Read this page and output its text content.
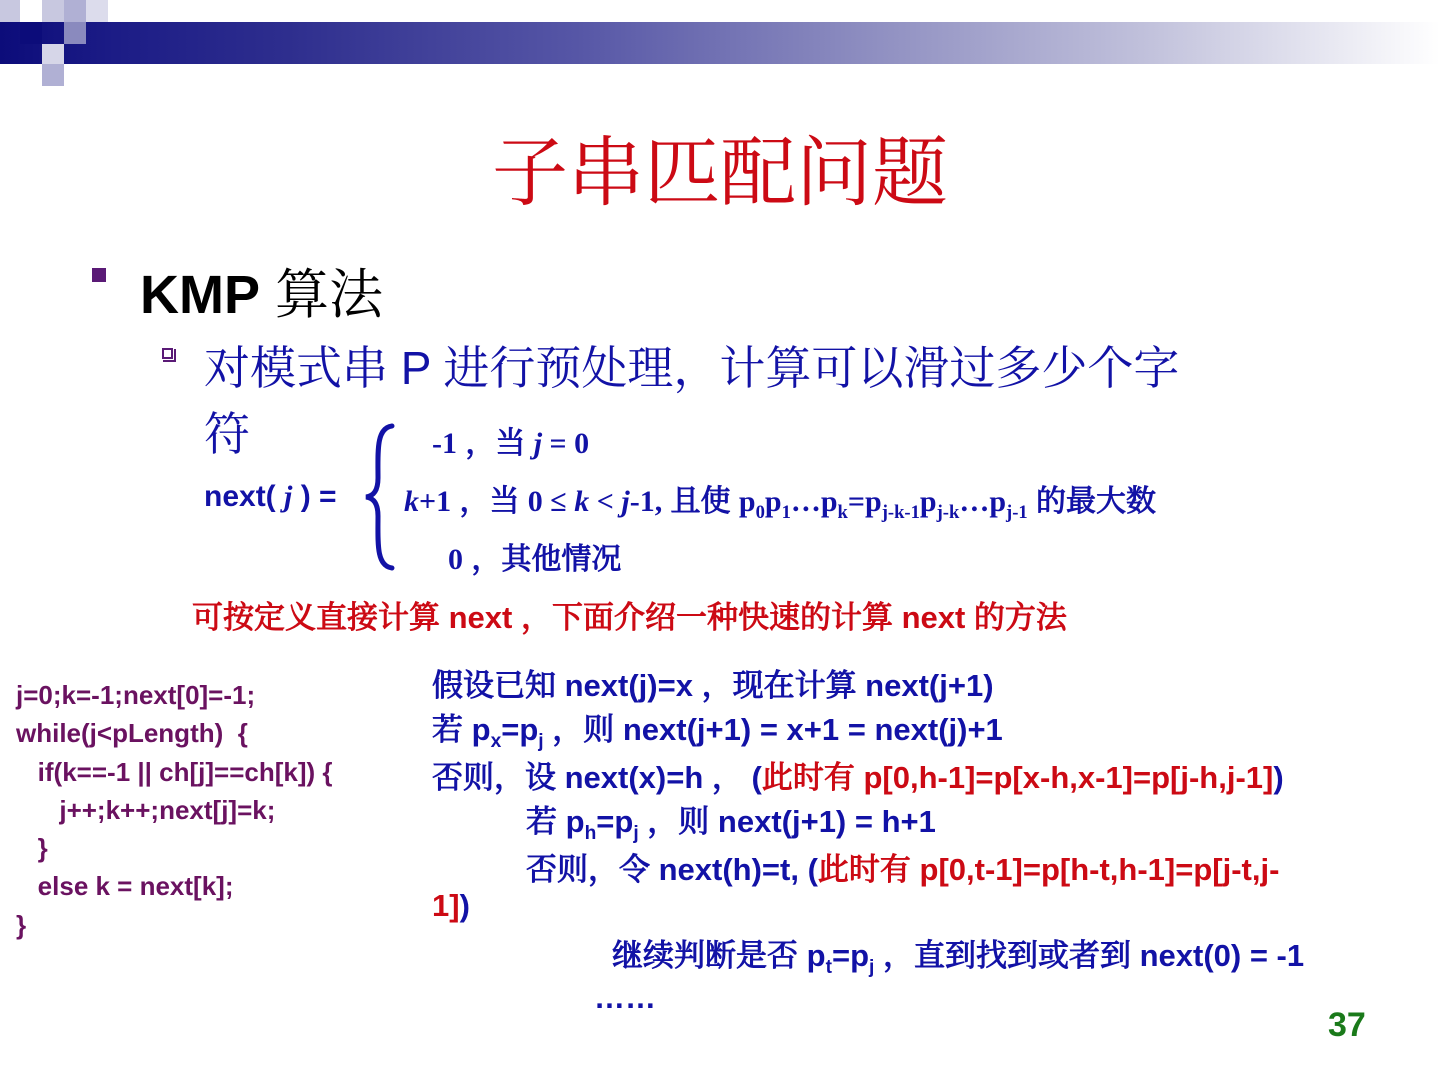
子串匹配问题
KMP 算法
对模式串 P 进行预处理，计算可以滑过多少个字
符
next( j ) =
-1 ，当 j = 0
k+1 ，当 0 ≤ k < j-1, 且使 $p_0p_1\dots p_k=p_{j-k-1}p_{j-k}\dots p_{j-1}$ 的最大数
0 ，其他情况
可按定义直接计算 next ，下面介绍一种快速的计算 next 的方法
j=0;k=-1;next[0]=-1;
while(j<pLength)  {
if(k==-1 || ch[j]==ch[k]) {
j++;k++;next[j]=k;
}
else k = next[k];
}
假设已知 next(j)=x ，现在计算 next(j+1)
若 $p_x=p_j$ ，则 next(j+1) = x+1 = next(j)+1
否则，设 next(x)=h ， (此时有 p[0,h-1]=p[x-h,x-1]=p[j-h,j-1])
若 $p_h=p_j$ ，则 next(j+1) = h+1
否则，令 next(h)=t, (此时有 p[0,t-1]=p[h-t,h-1]=p[j-t,j-
1])
继续判断是否 $p_t=p_j$ ，直到找到或者到 next(0) = -1
……
37
